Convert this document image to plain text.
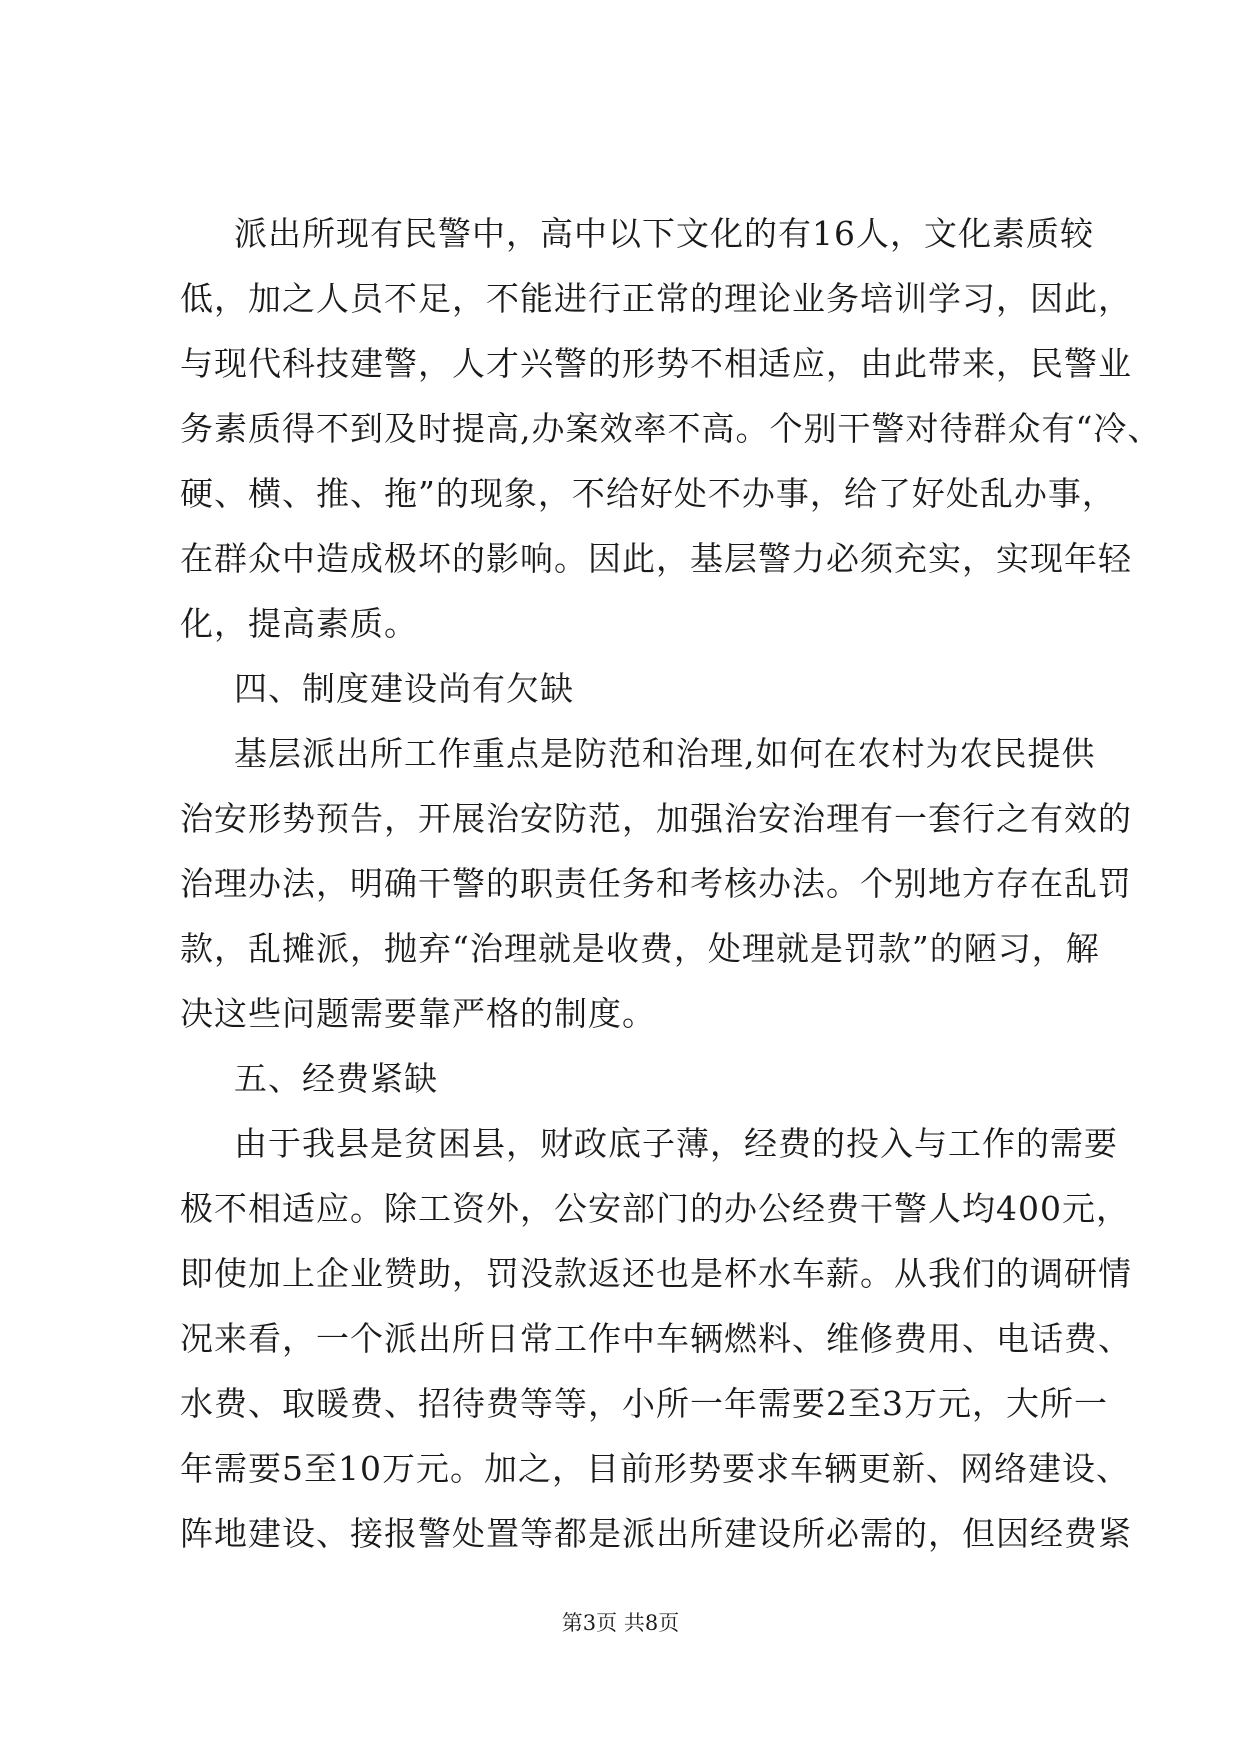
派出所现有民警中，高中以下文化的有16人，文化素质较
低，加之人员不足，不能进行正常的理论业务培训学习，因此，
与现代科技建警，人才兴警的形势不相适应，由此带来，民警业
务素质得不到及时提高,办案效率不高。个别干警对待群众有“冷、
硬、横、推、拖”的现象，不给好处不办事，给了好处乱办事，
在群众中造成极坏的影响。因此，基层警力必须充实，实现年轻
化，提高素质。
四、制度建设尚有欠缺
基层派出所工作重点是防范和治理,如何在农村为农民提供
治安形势预告，开展治安防范，加强治安治理有一套行之有效的
治理办法，明确干警的职责任务和考核办法。个别地方存在乱罚
款，乱摊派，抛弃“治理就是收费，处理就是罚款”的陋习，解
决这些问题需要靠严格的制度。
五、经费紧缺
由于我县是贫困县，财政底子薄，经费的投入与工作的需要
极不相适应。除工资外，公安部门的办公经费干警人均400元，
即使加上企业赞助，罚没款返还也是杯水车薪。从我们的调研情
况来看，一个派出所日常工作中车辆燃料、维修费用、电话费、
水费、取暖费、招待费等等，小所一年需要2至3万元，大所一
年需要5至10万元。加之，目前形势要求车辆更新、网络建设、
阵地建设、接报警处置等都是派出所建设所必需的，但因经费紧
第3页 共8页
